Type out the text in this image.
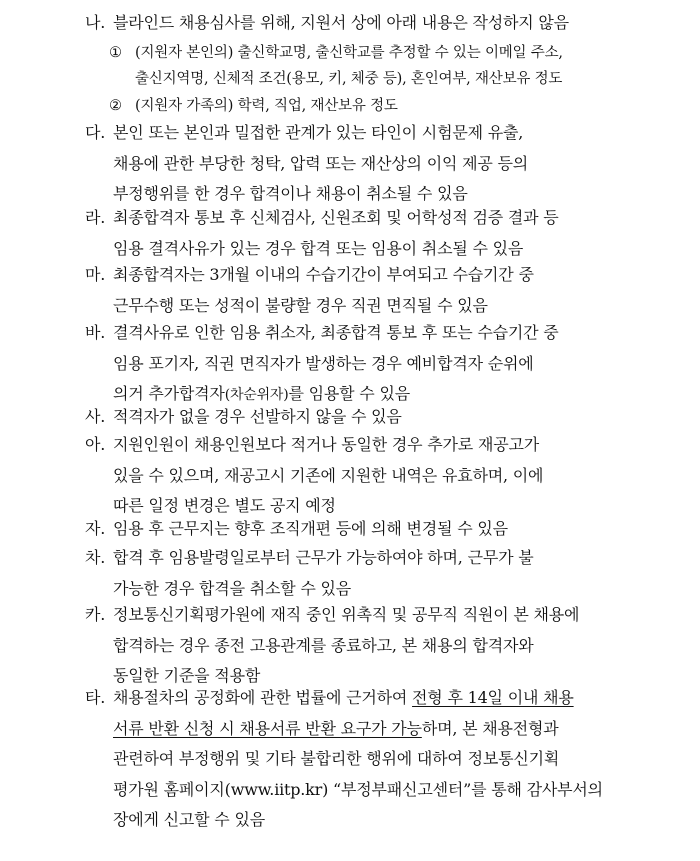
나. 블라인드 채용심사를 위해, 지원서 상에 아래 내용은 작성하지 않음
① (지원자 본인의) 출신학교명, 출신학교를 추정할 수 있는 이메일 주소,
출신지역명, 신체적 조건(용모, 키, 체중 등), 혼인여부, 재산보유 정도
② (지원자 가족의) 학력, 직업, 재산보유 정도
다. 본인 또는 본인과 밀접한 관계가 있는 타인이 시험문제 유출,
채용에 관한 부당한 청탁, 압력 또는 재산상의 이익 제공 등의
부정행위를 한 경우 합격이나 채용이 취소될 수 있음
라. 최종합격자 통보 후 신체검사, 신원조회 및 어학성적 검증 결과 등
임용 결격사유가 있는 경우 합격 또는 임용이 취소될 수 있음
마. 최종합격자는 3개월 이내의 수습기간이 부여되고 수습기간 중
근무수행 또는 성적이 불량할 경우 직권 면직될 수 있음
바. 결격사유로 인한 임용 취소자, 최종합격 통보 후 또는 수습기간 중
임용 포기자, 직권 면직자가 발생하는 경우 예비합격자 순위에
의거 추가합격자(차순위자)를 임용할 수 있음
사. 적격자가 없을 경우 선발하지 않을 수 있음
아. 지원인원이 채용인원보다 적거나 동일한 경우 추가로 재공고가
있을 수 있으며, 재공고시 기존에 지원한 내역은 유효하며, 이에
따른 일정 변경은 별도 공지 예정
자. 임용 후 근무지는 향후 조직개편 등에 의해 변경될 수 있음
차. 합격 후 임용발령일로부터 근무가 가능하여야 하며, 근무가 불
가능한 경우 합격을 취소할 수 있음
카. 정보통신기획평가원에 재직 중인 위촉직 및 공무직 직원이 본 채용에
합격하는 경우 종전 고용관계를 종료하고, 본 채용의 합격자와
동일한 기준을 적용함
타. 채용절차의 공정화에 관한 법률에 근거하여 전형 후 14일 이내 채용
서류 반환 신청 시 채용서류 반환 요구가 가능하며, 본 채용전형과
관련하여 부정행위 및 기타 불합리한 행위에 대하여 정보통신기획
평가원 홈페이지(www.iitp.kr) “부정부패신고센터”를 통해 감사부서의
장에게 신고할 수 있음
